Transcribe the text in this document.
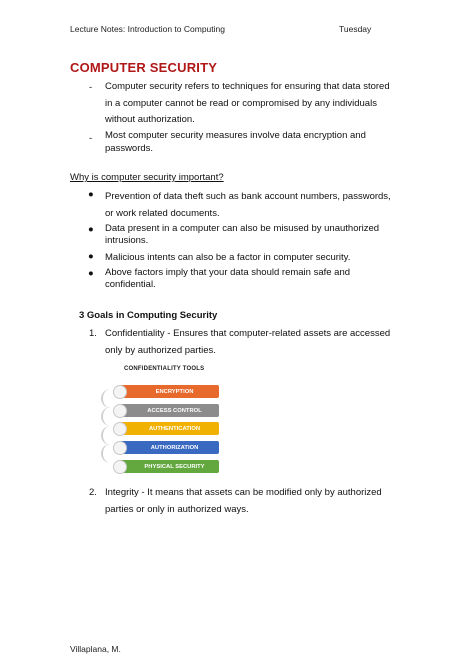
Lecture Notes: Introduction to Computing	Tuesday
COMPUTER SECURITY
- Computer security refers to techniques for ensuring that data stored
in a computer cannot be read or compromised by any individuals
without authorization.
- Most computer security measures involve data encryption and
passwords.
Why is computer security important?
● Prevention of data theft such as bank account numbers, passwords,
or work related documents.
● Data present in a computer can also be misused by unauthorized
intrusions.
● Malicious intents can also be a factor in computer security.
● Above factors imply that your data should remain safe and
confidential.
3 Goals in Computing Security
1. Confidentiality - Ensures that computer-related assets are accessed
only by authorized parties.
CONFIDENTIALITY TOOLS
ENCRYPTION
ACCESS CONTROL
AUTHENTICATION
AUTHORIZATION
PHYSICAL SECURITY
2. Integrity - It means that assets can be modified only by authorized
parties or only in authorized ways.
Villaplana, M.
